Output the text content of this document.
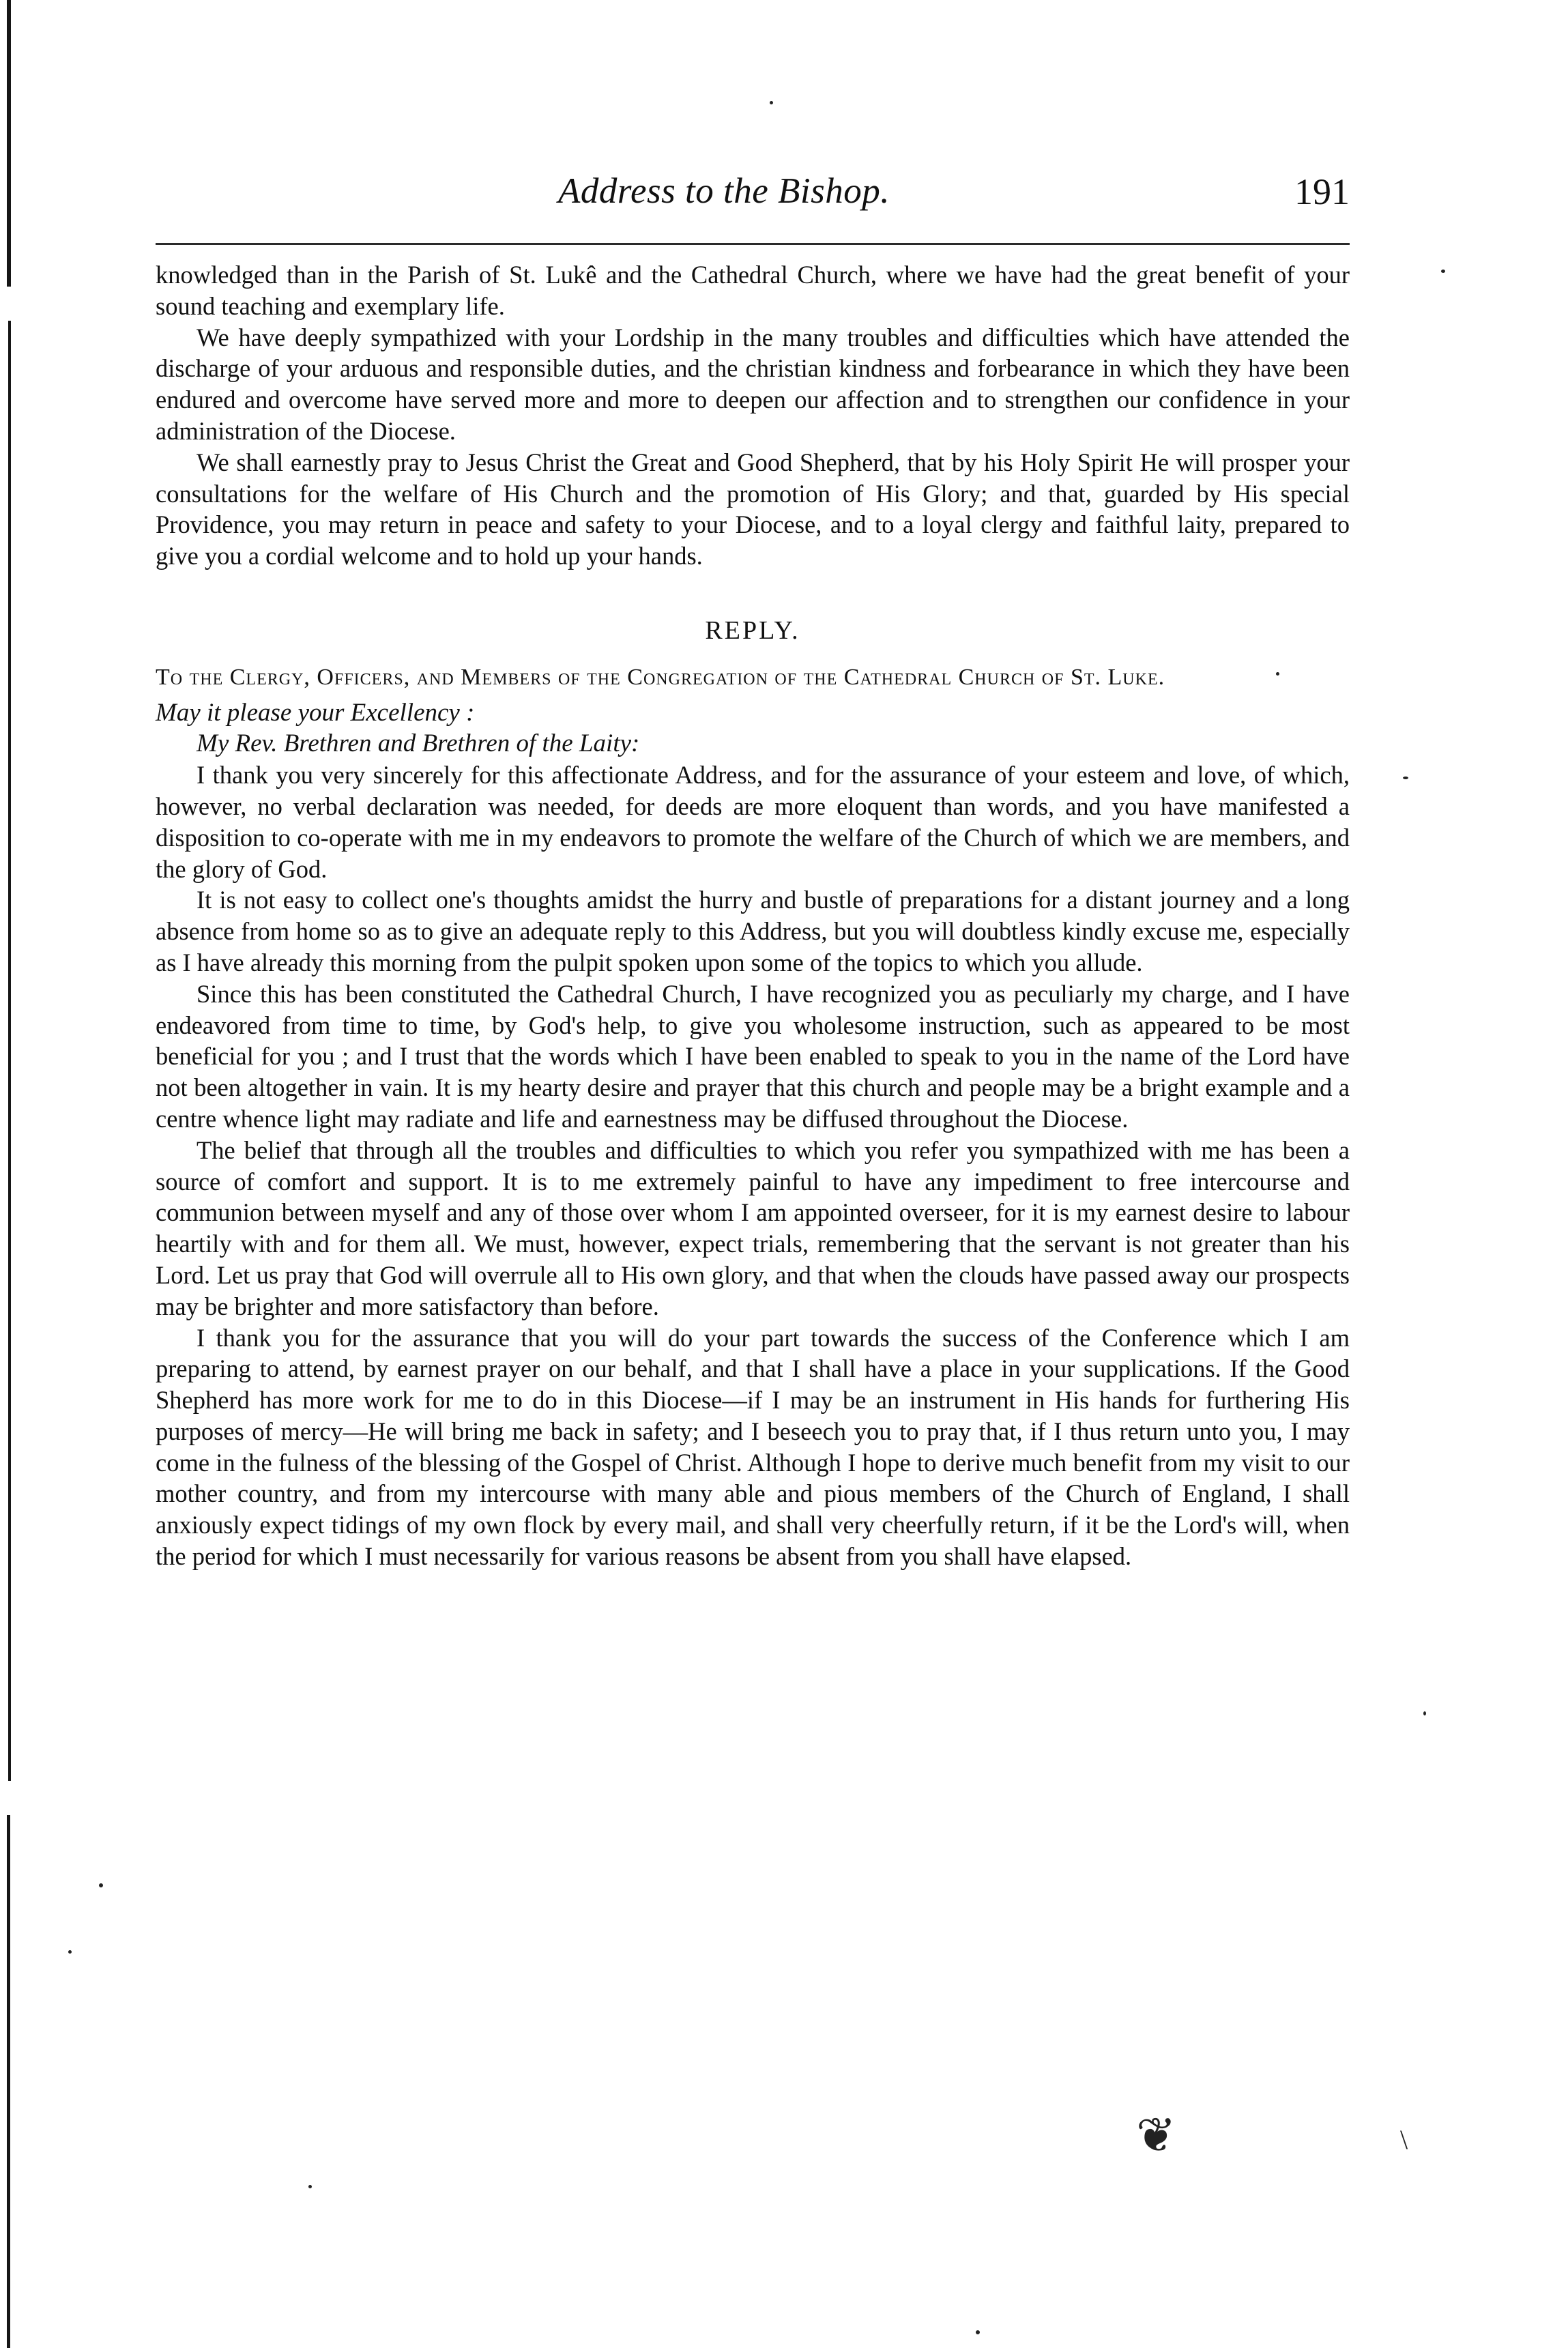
❦	\
Address to the Bishop.	191

knowledged than in the Parish of St. Lukê and the Cathedral Church, where we have had the great benefit of your sound teaching and exemplary life.

We have deeply sympathized with your Lordship in the many troubles and difficulties which have attended the discharge of your arduous and responsible duties, and the christian kindness and forbearance in which they have been endured and overcome have served more and more to deepen our affection and to strengthen our confidence in your administration of the Diocese.

We shall earnestly pray to Jesus Christ the Great and Good Shepherd, that by his Holy Spirit He will prosper your consultations for the welfare of His Church and the promotion of His Glory; and that, guarded by His special Providence, you may return in peace and safety to your Diocese, and to a loyal clergy and faithful laity, prepared to give you a cordial welcome and to hold up your hands.

REPLY.

To the Clergy, Officers, and Members of the Congregation of the Cathedral Church of St. Luke.

May it please your Excellency :

My Rev. Brethren and Brethren of the Laity:

I thank you very sincerely for this affectionate Address, and for the assurance of your esteem and love, of which, however, no verbal declaration was needed, for deeds are more eloquent than words, and you have manifested a disposition to co-operate with me in my endeavors to promote the welfare of the Church of which we are members, and the glory of God.

It is not easy to collect one's thoughts amidst the hurry and bustle of preparations for a distant journey and a long absence from home so as to give an adequate reply to this Address, but you will doubtless kindly excuse me, especially as I have already this morning from the pulpit spoken upon some of the topics to which you allude.

Since this has been constituted the Cathedral Church, I have recognized you as peculiarly my charge, and I have endeavored from time to time, by God's help, to give you wholesome instruction, such as appeared to be most beneficial for you ; and I trust that the words which I have been enabled to speak to you in the name of the Lord have not been altogether in vain. It is my hearty desire and prayer that this church and people may be a bright example and a centre whence light may radiate and life and earnestness may be diffused throughout the Diocese.

The belief that through all the troubles and difficulties to which you refer you sympathized with me has been a source of comfort and support. It is to me extremely painful to have any impediment to free intercourse and communion between myself and any of those over whom I am appointed overseer, for it is my earnest desire to labour heartily with and for them all. We must, however, expect trials, remembering that the servant is not greater than his Lord. Let us pray that God will overrule all to His own glory, and that when the clouds have passed away our prospects may be brighter and more satisfactory than before.

I thank you for the assurance that you will do your part towards the success of the Conference which I am preparing to attend, by earnest prayer on our behalf, and that I shall have a place in your supplications. If the Good Shepherd has more work for me to do in this Diocese—if I may be an instrument in His hands for furthering His purposes of mercy—He will bring me back in safety; and I beseech you to pray that, if I thus return unto you, I may come in the fulness of the blessing of the Gospel of Christ. Although I hope to derive much benefit from my visit to our mother country, and from my intercourse with many able and pious members of the Church of England, I shall anxiously expect tidings of my own flock by every mail, and shall very cheerfully return, if it be the Lord's will, when the period for which I must necessarily for various reasons be absent from you shall have elapsed.
